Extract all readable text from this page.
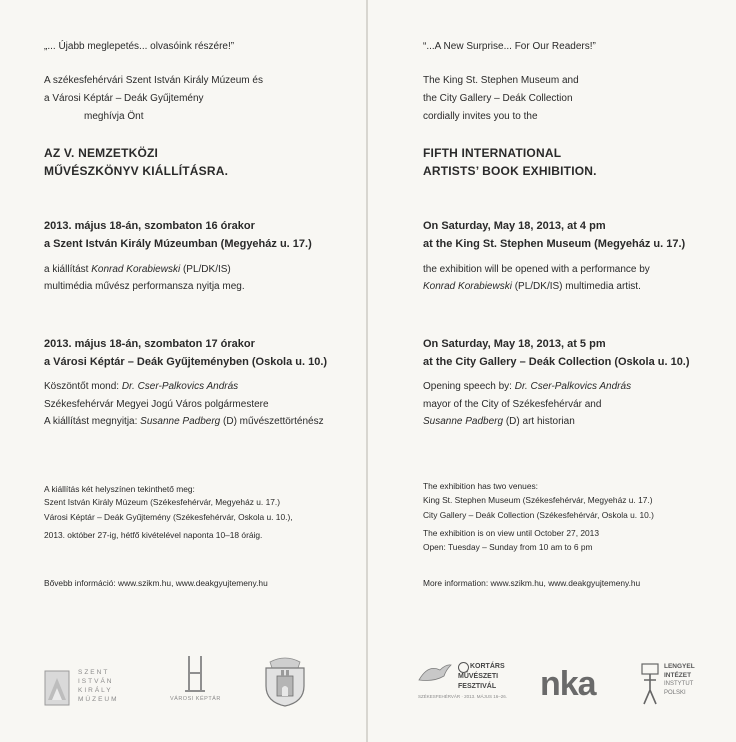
„... Újabb meglepetés... olvasóink részére!”
A székesfehérvári Szent István Király Múzeum és
a Városi Képtár – Deák Gyűjtemény
meghívja Önt
AZ V. NEMZETKÖZI
MŰVÉSZKÖNYV KIÁLLÍTÁSRA.
2013. május 18-án, szombaton 16 órakor
a Szent István Király Múzeumban (Megyeház u. 17.)
a kiállítást Konrad Korabiewski (PL/DK/IS)
multimédia művész performansza nyitja meg.
2013. május 18-án, szombaton 17 órakor
a Városi Képtár – Deák Gyűjteményben (Oskola u. 10.)
Köszöntőt mond: Dr. Cser-Palkovics András
Székesfehérvár Megyei Jogú Város polgármestere
A kiállítást megnyitja: Susanne Padberg (D) művészettörténész
A kiállítás két helyszínen tekinthető meg:
Szent István Király Múzeum (Székesfehérvár, Megyeház u. 17.)
Városi Képtár – Deák Gyűjtemény (Székesfehérvár, Oskola u. 10.),
2013. október 27-ig, hétfő kivételével naponta 10–18 óráig.
Bővebb információ: www.szikm.hu, www.deakgyujtemeny.hu
SZENT
ISTVÁN
KIRÁLY
MÚZEUM	VÁROSI KÉPTÁR
“...A New Surprise... For Our Readers!”
The King St. Stephen Museum and
the City Gallery – Deák Collection
cordially invites you to the
FIFTH INTERNATIONAL
ARTISTS’ BOOK EXHIBITION.
On Saturday, May 18, 2013, at 4 pm
at the King St. Stephen Museum (Megyeház u. 17.)
the exhibition will be opened with a performance by
Konrad Korabiewski (PL/DK/IS) multimedia artist.
On Saturday, May 18, 2013, at 5 pm
at the City Gallery – Deák Collection (Oskola u. 10.)
Opening speech by: Dr. Cser-Palkovics András
mayor of the City of Székesfehérvár and
Susanne Padberg (D) art historian
The exhibition has two venues:
King St. Stephen Museum (Székesfehérvár, Megyeház u. 17.)
City Gallery – Deák Collection (Székesfehérvár, Oskola u. 10.)
The exhibition is on view until October 27, 2013
Open: Tuesday – Sunday from 10 am to 6 pm
More information: www.szikm.hu, www.deakgyujtemeny.hu
KORTÁRS
MŰVÉSZETI
FESZTIVÁL
SZÉKESFEHÉRVÁR · 2013. MÁJUS 16–26. nka	LENGYEL
INTÉZET
INSTYTUT
POLSKI
